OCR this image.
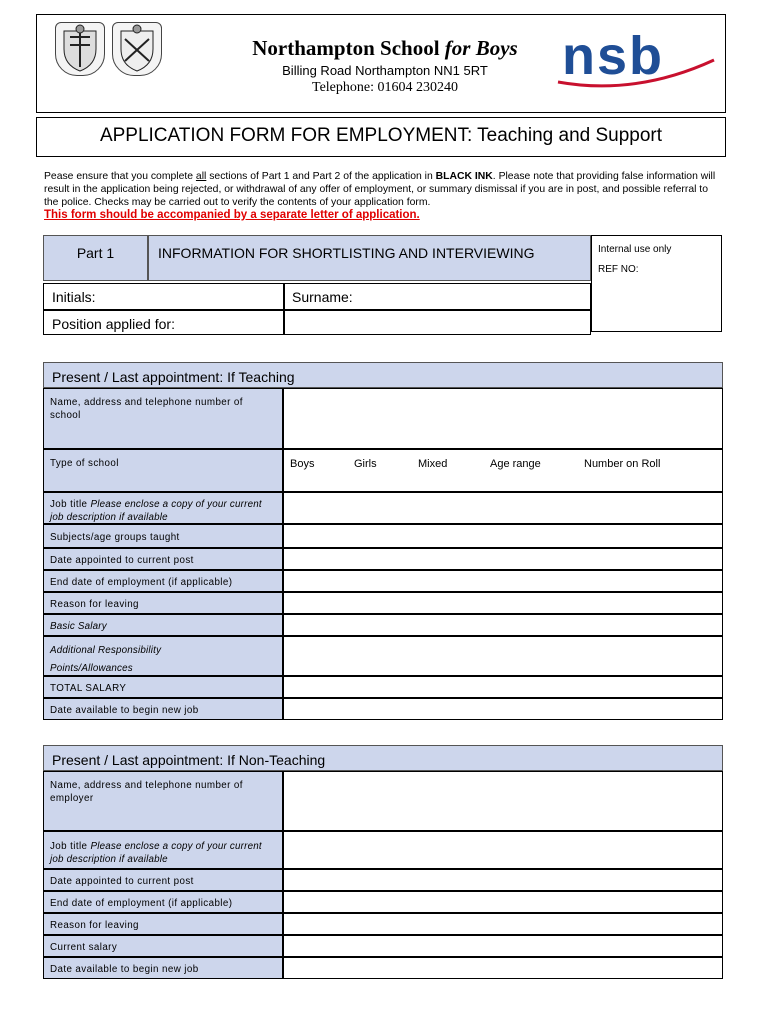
Northampton School for Boys
Billing Road Northampton NN1 5RT
Telephone: 01604 230240
nsb
APPLICATION FORM FOR EMPLOYMENT: Teaching and Support
Pease ensure that you complete all sections of Part 1 and Part 2 of the application in BLACK INK. Please note that providing false information will result in the application being rejected, or withdrawal of any offer of employment, or summary dismissal if you are in post, and possible referral to the police. Checks may be carried out to verify the contents of your application form.
This form should be accompanied by a separate letter of application.
Part 1	INFORMATION FOR SHORTLISTING AND INTERVIEWING	Internal use only
REF NO:
Initials:	Surname:
Position applied for:
Present / Last appointment: If Teaching
Name, address and telephone number of school
Type of school	Boys	Girls	Mixed	Age range	Number on Roll
Job title Please enclose a copy of your current job description if available
Subjects/age groups taught
Date appointed to current post
End date of employment (if applicable)
Reason for leaving
Basic Salary
Additional Responsibility
Points/Allowances
TOTAL SALARY
Date available to begin new job
Present / Last appointment: If Non-Teaching
Name, address and telephone number of employer
Job title Please enclose a copy of your current job description if available
Date appointed to current post
End date of employment (if applicable)
Reason for leaving
Current salary
Date available to begin new job
